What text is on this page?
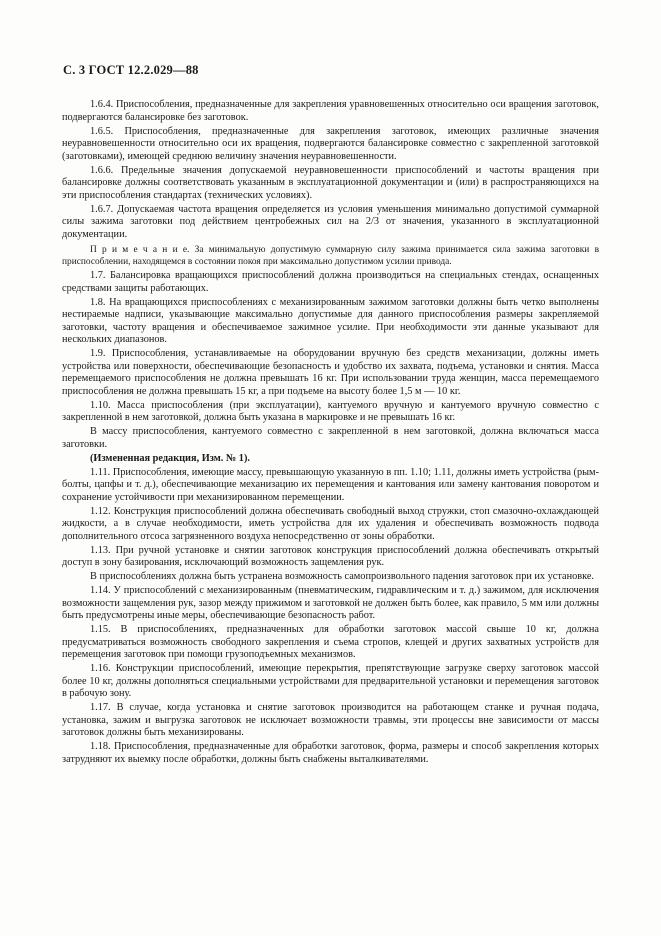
С. 3 ГОСТ 12.2.029—88

1.6.4. Приспособления, предназначенные для закрепления уравновешенных относительно оси вращения заготовок, подвергаются балансировке без заготовок.

1.6.5. Приспособления, предназначенные для закрепления заготовок, имеющих различные значения неуравновешенности относительно оси их вращения, подвергаются балансировке совместно с закрепленной заготовкой (заготовками), имеющей среднюю величину значения неуравновешенности.

1.6.6. Предельные значения допускаемой неуравновешенности приспособлений и частоты вращения при балансировке должны соответствовать указанным в эксплуатационной документации и (или) в распространяющихся на эти приспособления стандартах (технических условиях).

1.6.7. Допускаемая частота вращения определяется из условия уменьшения минимально допустимой суммарной силы зажима заготовки под действием центробежных сил на 2/3 от значения, указанного в эксплуатационной документации.

П р и м е ч а н и е. За минимальную допустимую суммарную силу зажима принимается сила зажима заготовки в приспособлении, находящемся в состоянии покоя при максимально допустимом усилии привода.

1.7. Балансировка вращающихся приспособлений должна производиться на специальных стендах, оснащенных средствами защиты работающих.

1.8. На вращающихся приспособлениях с механизированным зажимом заготовки должны быть четко выполнены нестираемые надписи, указывающие максимально допустимые для данного приспособления размеры закрепляемой заготовки, частоту вращения и обеспечиваемое зажимное усилие. При необходимости эти данные указывают для нескольких диапазонов.

1.9. Приспособления, устанавливаемые на оборудовании вручную без средств механизации, должны иметь устройства или поверхности, обеспечивающие безопасность и удобство их захвата, подъема, установки и снятия. Масса перемещаемого приспособления не должна превышать 16 кг. При использовании труда женщин, масса перемещаемого приспособления не должна превышать 15 кг, а при подъеме на высоту более 1,5 м — 10 кг.

1.10. Масса приспособления (при эксплуатации), кантуемого вручную и кантуемого вручную совместно с закрепленной в нем заготовкой, должна быть указана в маркировке и не превышать 16 кг.

В массу приспособления, кантуемого совместно с закрепленной в нем заготовкой, должна включаться масса заготовки.

(Измененная редакция, Изм. № 1).

1.11. Приспособления, имеющие массу, превышающую указанную в пп. 1.10; 1.11, должны иметь устройства (рым-болты, цапфы и т. д.), обеспечивающие механизацию их перемещения и кантования или замену кантования поворотом и сохранение устойчивости при механизированном перемещении.

1.12. Конструкция приспособлений должна обеспечивать свободный выход стружки, стоп смазочно-охлаждающей жидкости, а в случае необходимости, иметь устройства для их удаления и обеспечивать возможность подвода дополнительного отсоса загрязненного воздуха непосредственно от зоны обработки.

1.13. При ручной установке и снятии заготовок конструкция приспособлений должна обеспечивать открытый доступ в зону базирования, исключающий возможность защемления рук.

В приспособлениях должна быть устранена возможность самопроизвольного падения заготовок при их установке.

1.14. У приспособлений с механизированным (пневматическим, гидравлическим и т. д.) зажимом, для исключения возможности защемления рук, зазор между прижимом и заготовкой не должен быть более, как правило, 5 мм или должны быть предусмотрены иные меры, обеспечивающие безопасность работ.

1.15. В приспособлениях, предназначенных для обработки заготовок массой свыше 10 кг, должна предусматриваться возможность свободного закрепления и съема стропов, клещей и других захватных устройств для перемещения заготовок при помощи грузоподъемных механизмов.

1.16. Конструкции приспособлений, имеющие перекрытия, препятствующие загрузке сверху заготовок массой более 10 кг, должны дополняться специальными устройствами для предварительной установки и перемещения заготовок в рабочую зону.

1.17. В случае, когда установка и снятие заготовок производится на работающем станке и ручная подача, установка, зажим и выгрузка заготовок не исключает возможности травмы, эти процессы вне зависимости от массы заготовок должны быть механизированы.

1.18. Приспособления, предназначенные для обработки заготовок, форма, размеры и способ закрепления которых затрудняют их выемку после обработки, должны быть снабжены выталкивателями.
